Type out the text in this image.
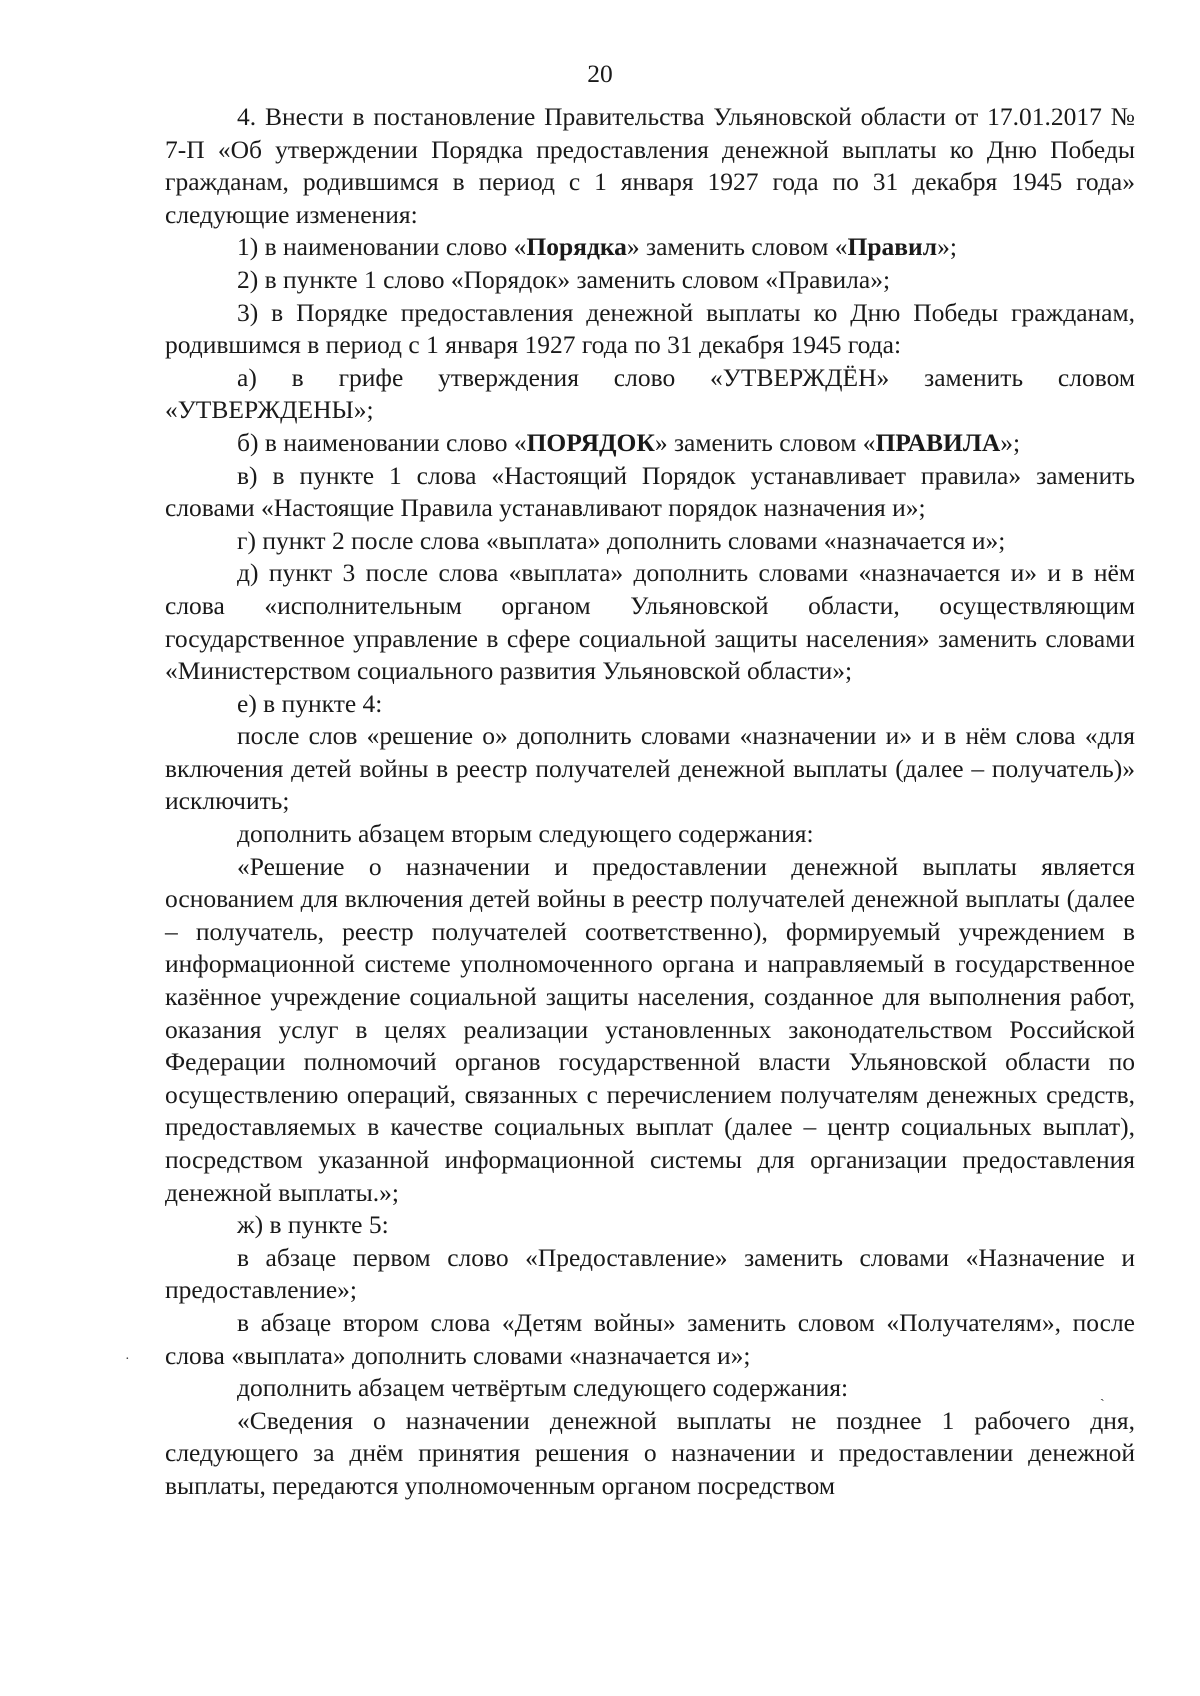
20

4. Внести в постановление Правительства Ульяновской области от 17.01.2017 № 7-П «Об утверждении Порядка предоставления денежной выплаты ко Дню Победы гражданам, родившимся в период с 1 января 1927 года по 31 декабря 1945 года» следующие изменения:

1) в наименовании слово «Порядка» заменить словом «Правил»;

2) в пункте 1 слово «Порядок» заменить словом «Правила»;

3) в Порядке предоставления денежной выплаты ко Дню Победы гражданам, родившимся в период с 1 января 1927 года по 31 декабря 1945 года:

а) в грифе утверждения слово «УТВЕРЖДЁН» заменить словом «УТВЕРЖДЕНЫ»;

б) в наименовании слово «ПОРЯДОК» заменить словом «ПРАВИЛА»;

в) в пункте 1 слова «Настоящий Порядок устанавливает правила» заменить словами «Настоящие Правила устанавливают порядок назначения и»;

г) пункт 2 после слова «выплата» дополнить словами «назначается и»;

д) пункт 3 после слова «выплата» дополнить словами «назначается и» и в нём слова «исполнительным органом Ульяновской области, осуществляющим государственное управление в сфере социальной защиты населения» заменить словами «Министерством социального развития Ульяновской области»;

е) в пункте 4:

после слов «решение о» дополнить словами «назначении и» и в нём слова «для включения детей войны в реестр получателей денежной выплаты (далее – получатель)» исключить;

дополнить абзацем вторым следующего содержания:

«Решение о назначении и предоставлении денежной выплаты является основанием для включения детей войны в реестр получателей денежной выплаты (далее – получатель, реестр получателей соответственно), формируемый учреждением в информационной системе уполномоченного органа и направляемый в государственное казённое учреждение социальной защиты населения, созданное для выполнения работ, оказания услуг в целях реализации установленных законодательством Российской Федерации полномочий органов государственной власти Ульяновской области по осуществлению операций, связанных с перечислением получателям денежных средств, предоставляемых в качестве социальных выплат (далее – центр социальных выплат), посредством указанной информационной системы для организации предоставления денежной выплаты.»;

ж) в пункте 5:

в абзаце первом слово «Предоставление» заменить словами «Назначение и предоставление»;

в абзаце втором слова «Детям войны» заменить словом «Получателям», после слова «выплата» дополнить словами «назначается и»;

дополнить абзацем четвёртым следующего содержания:

«Сведения о назначении денежной выплаты не позднее 1 рабочего дня, следующего за днём принятия решения о назначении и предоставлении денежной выплаты, передаются уполномоченным органом посредством

·
ˎ
